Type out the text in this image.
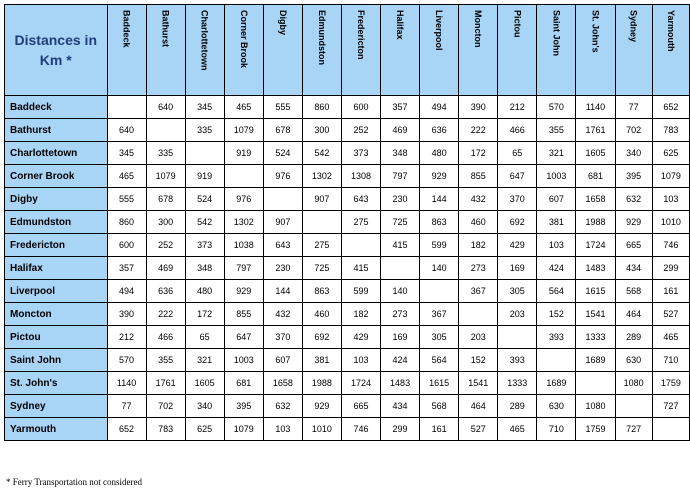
Distances in Km *	Baddeck	Bathurst	Charlottetown	Corner Brook	Digby	Edmundston	Fredericton	Halifax	Liverpool	Moncton	Pictou	Saint John	St. John's	Sydney	Yarmouth

Baddeck		640	345	465	555	860	600	357	494	390	212	570	1140	77	652
Bathurst	640		335	1079	678	300	252	469	636	222	466	355	1761	702	783
Charlottetown	345	335		919	524	542	373	348	480	172	65	321	1605	340	625
Corner Brook	465	1079	919		976	1302	1308	797	929	855	647	1003	681	395	1079
Digby	555	678	524	976		907	643	230	144	432	370	607	1658	632	103
Edmundston	860	300	542	1302	907		275	725	863	460	692	381	1988	929	1010
Fredericton	600	252	373	1038	643	275		415	599	182	429	103	1724	665	746
Halifax	357	469	348	797	230	725	415		140	273	169	424	1483	434	299
Liverpool	494	636	480	929	144	863	599	140		367	305	564	1615	568	161
Moncton	390	222	172	855	432	460	182	273	367		203	152	1541	464	527
Pictou	212	466	65	647	370	692	429	169	305	203		393	1333	289	465
Saint John	570	355	321	1003	607	381	103	424	564	152	393		1689	630	710
St. John's	1140	1761	1605	681	1658	1988	1724	1483	1615	1541	1333	1689		1080	1759
Sydney	77	702	340	395	632	929	665	434	568	464	289	630	1080		727
Yarmouth	652	783	625	1079	103	1010	746	299	161	527	465	710	1759	727	
* Ferry Transportation not considered
